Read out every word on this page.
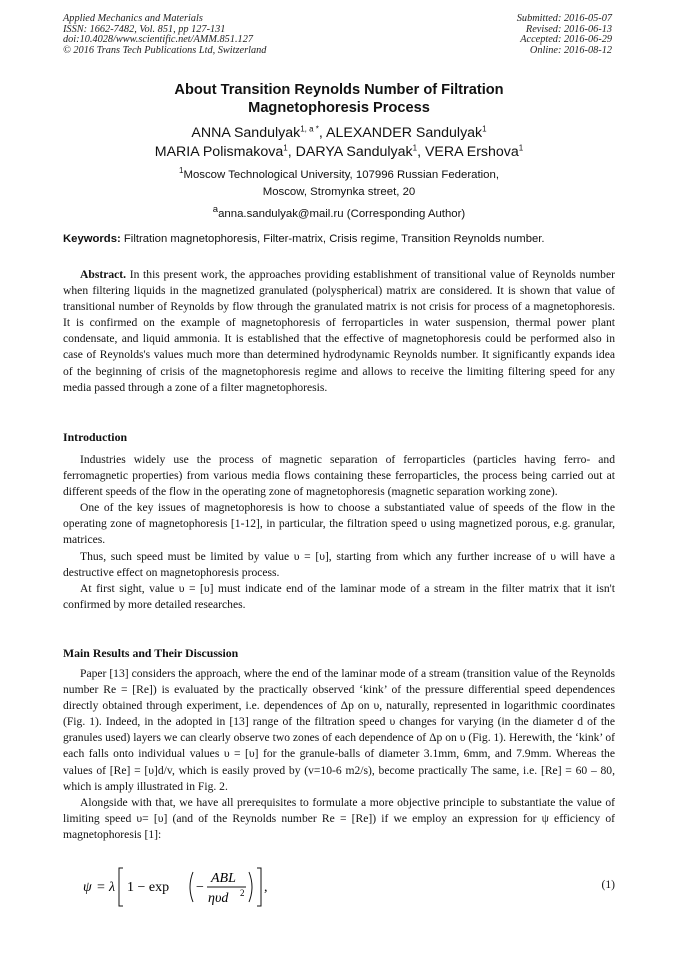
Applied Mechanics and Materials
ISSN: 1662-7482, Vol. 851, pp 127-131
doi:10.4028/www.scientific.net/AMM.851.127
© 2016 Trans Tech Publications Ltd, Switzerland
Submitted: 2016-05-07
Revised: 2016-06-13
Accepted: 2016-06-29
Online: 2016-08-12
About Transition Reynolds Number of Filtration
Magnetophoresis Process
ANNA Sandulyak$^{1, a *}$, ALEXANDER Sandulyak$^1$
MARIA Polismakova$^1$, DARYA Sandulyak$^1$, VERA Ershova$^1$
$^1$Moscow Technological University, 107996 Russian Federation,
Moscow, Stromynka street, 20
$^a$anna.sandulyak@mail.ru (Corresponding Author)
Keywords: Filtration magnetophoresis, Filter-matrix, Crisis regime, Transition Reynolds number.

Abstract. In this present work, the approaches providing establishment of transitional value of Reynolds number when filtering liquids in the magnetized granulated (polyspherical) matrix are considered. It is shown that value of transitional number of Reynolds by flow through the granulated matrix is not crisis for process of a magnetophoresis. It is confirmed on the example of magnetophoresis of ferroparticles in water suspension, thermal power plant condensate, and liquid ammonia. It is established that the effective of magnetophoresis could be performed also in case of Reynolds's values much more than determined hydrodynamic Reynolds number. It significantly expands idea of the beginning of crisis of the magnetophoresis regime and allows to receive the limiting filtering speed for any media passed through a zone of a filter magnetophoresis.

Introduction

Industries widely use the process of magnetic separation of ferroparticles (particles having ferro- and ferromagnetic properties) from various media flows containing these ferroparticles, the process being carried out at different speeds of the flow in the operating zone of magnetophoresis (magnetic separation working zone).

One of the key issues of magnetophoresis is how to choose a substantiated value of speeds of the flow in the operating zone of magnetophoresis [1-12], in particular, the filtration speed υ using magnetized porous, e.g. granular, matrices.

Thus, such speed must be limited by value υ = [υ], starting from which any further increase of υ will have a destructive effect on magnetophoresis process.

At first sight, value υ = [υ] must indicate end of the laminar mode of a stream in the filter matrix that it isn't confirmed by more detailed researches.

Main Results and Their Discussion

Paper [13] considers the approach, where the end of the laminar mode of a stream (transition value of the Reynolds number Re = [Re]) is evaluated by the practically observed ‘kink’ of the pressure differential speed dependences directly obtained through experiment, i.e. dependences of Δp on υ, naturally, represented in logarithmic coordinates (Fig. 1). Indeed, in the adopted in [13] range of the filtration speed υ changes for varying (in the diameter d of the granules used) layers we can clearly observe two zones of each dependence of Δp on υ (Fig. 1). Herewith, the ‘kink’ of each falls onto individual values υ = [υ] for the granule-balls of diameter 3.1mm, 6mm, and 7.9mm. Whereas the values of [Re] = [υ]d/v, which is easily proved by (v=10-6 m2/s), become practically The same, i.e. [Re] = 60 – 80, which is amply illustrated in Fig. 2.

Alongside with that, we have all prerequisites to formulate a more objective principle to substantiate the value of limiting speed υ= [υ] (and of the Reynolds number Re = [Re]) if we employ an expression for ψ efficiency of magnetophoresis [1]:

ψ = λ 1 − exp −
ABL
ηυd 2 ,	(1)
